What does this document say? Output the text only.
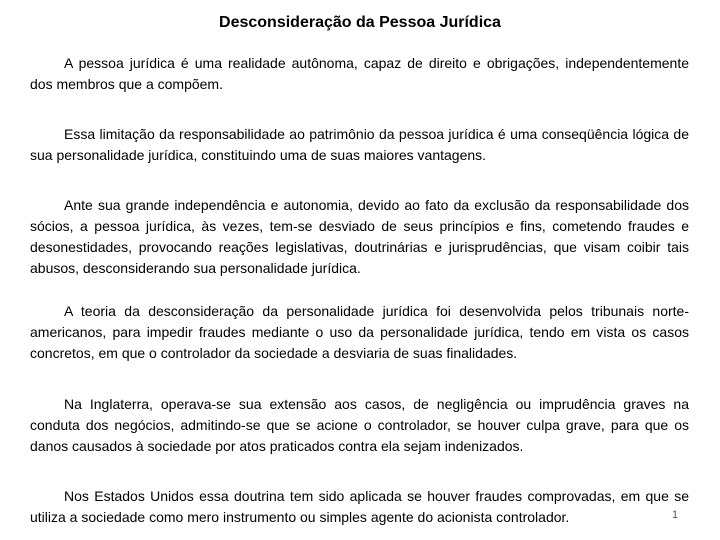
Desconsideração da Pessoa Jurídica

A pessoa jurídica é uma realidade autônoma, capaz de direito e obrigações, independentemente dos membros que a compõem.

Essa limitação da responsabilidade ao patrimônio da pessoa jurídica é uma conseqüência lógica de sua personalidade jurídica, constituindo uma de suas maiores vantagens.

Ante sua grande independência e autonomia, devido ao fato da exclusão da responsabilidade dos sócios, a pessoa jurídica, às vezes, tem-se desviado de seus princípios e fins, cometendo fraudes e desonestidades, provocando reações legislativas, doutrinárias e jurisprudências, que visam coibir tais abusos, desconsiderando sua personalidade jurídica.

A teoria da desconsideração da personalidade jurídica foi desenvolvida pelos tribunais norte-americanos, para impedir fraudes mediante o uso da personalidade jurídica, tendo em vista os casos concretos, em que o controlador da sociedade a desviaria de suas finalidades.

Na Inglaterra, operava-se sua extensão aos casos, de negligência ou imprudência graves na conduta dos negócios, admitindo-se que se acione o controlador, se houver culpa grave, para que os danos causados à sociedade por atos praticados contra ela sejam indenizados.

Nos Estados Unidos essa doutrina tem sido aplicada se houver fraudes comprovadas, em que se utiliza a sociedade como mero instrumento ou simples agente do acionista controlador.	1
